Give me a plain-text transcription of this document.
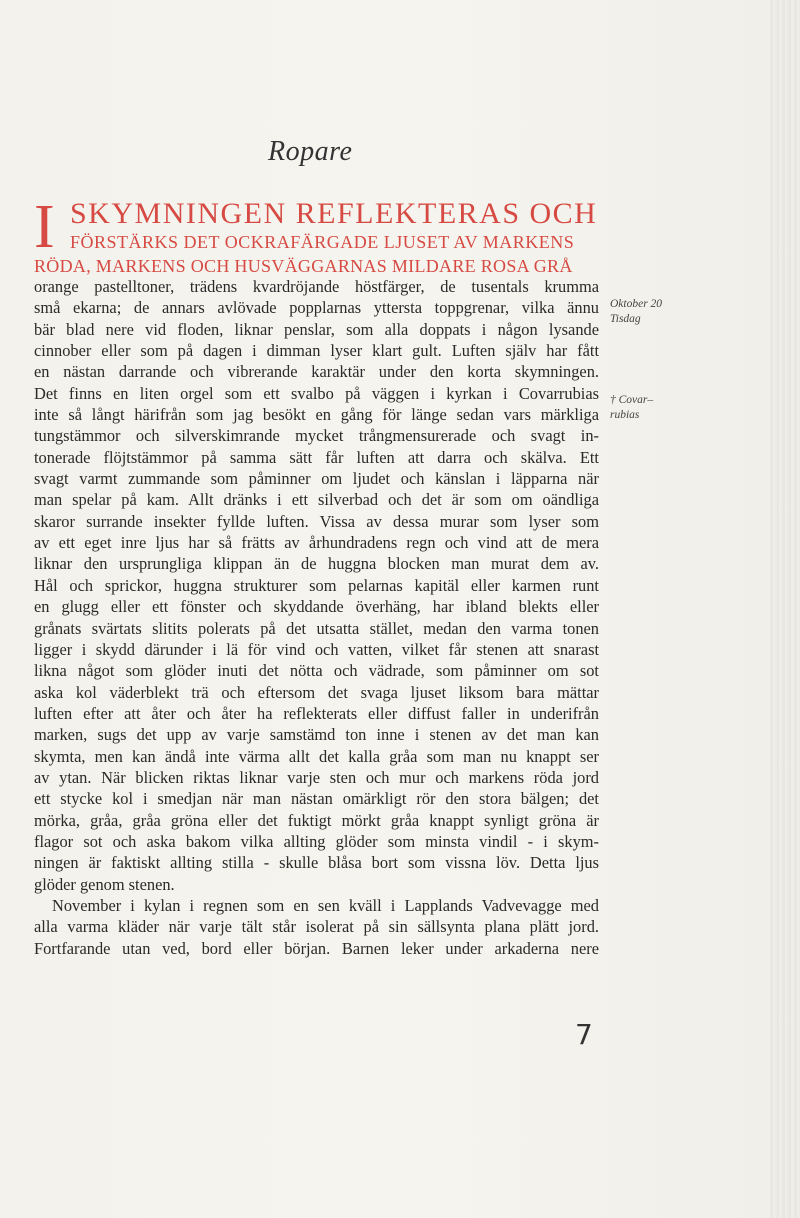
Ropare
I SKYMNINGEN REFLEKTERAS OCH
FÖRSTÄRKS DET OCKRAFÄRGADE LJUSET AV MARKENS
RÖDA, MARKENS OCH HUSVÄGGARNAS MILDARE ROSA GRÅ
orange pastelltoner, trädens kvardröjande höstfärger, de tusentals krumma
små ekarna; de annars avlövade popplarnas yttersta toppgrenar, vilka ännu
bär blad nere vid floden, liknar penslar, som alla doppats i någon lysande
cinnober eller som på dagen i dimman lyser klart gult. Luften själv har fått
en nästan darrande och vibrerande karaktär under den korta skymningen.
Det finns en liten orgel som ett svalbo på väggen i kyrkan i Covarrubias
inte så långt härifrån som jag besökt en gång för länge sedan vars märkliga
tungstämmor och silverskimrande mycket trångmensurerade och svagt in-
tonerade flöjtstämmor på samma sätt får luften att darra och skälva. Ett
svagt varmt zummande som påminner om ljudet och känslan i läpparna när
man spelar på kam. Allt dränks i ett silverbad och det är som om oändliga
skaror surrande insekter fyllde luften. Vissa av dessa murar som lyser som
av ett eget inre ljus har så frätts av århundradens regn och vind att de mera
liknar den ursprungliga klippan än de huggna blocken man murat dem av.
Hål och sprickor, huggna strukturer som pelarnas kapitäl eller karmen runt
en glugg eller ett fönster och skyddande överhäng, har ibland blekts eller
grånats svärtats slitits polerats på det utsatta stället, medan den varma tonen
ligger i skydd därunder i lä för vind och vatten, vilket får stenen att snarast
likna något som glöder inuti det nötta och vädrade, som påminner om sot
aska kol väderblekt trä och eftersom det svaga ljuset liksom bara mättar
luften efter att åter och åter ha reflekterats eller diffust faller in underifrån
marken, sugs det upp av varje samstämd ton inne i stenen av det man kan
skymta, men kan ändå inte värma allt det kalla gråa som man nu knappt ser
av ytan. När blicken riktas liknar varje sten och mur och markens röda jord
ett stycke kol i smedjan när man nästan omärkligt rör den stora bälgen; det
mörka, gråa, gråa gröna eller det fuktigt mörkt gråa knappt synligt gröna är
flagor sot och aska bakom vilka allting glöder som minsta vindil - i skym-
ningen är faktiskt allting stilla - skulle blåsa bort som vissna löv. Detta ljus
glöder genom stenen.
November i kylan i regnen som en sen kväll i Lapplands Vadvevagge med
alla varma kläder när varje tält står isolerat på sin sällsynta plana plätt jord.
Fortfarande utan ved, bord eller början. Barnen leker under arkaderna nere
Oktober 20
Tisdag
† Covar–
rubias
7
